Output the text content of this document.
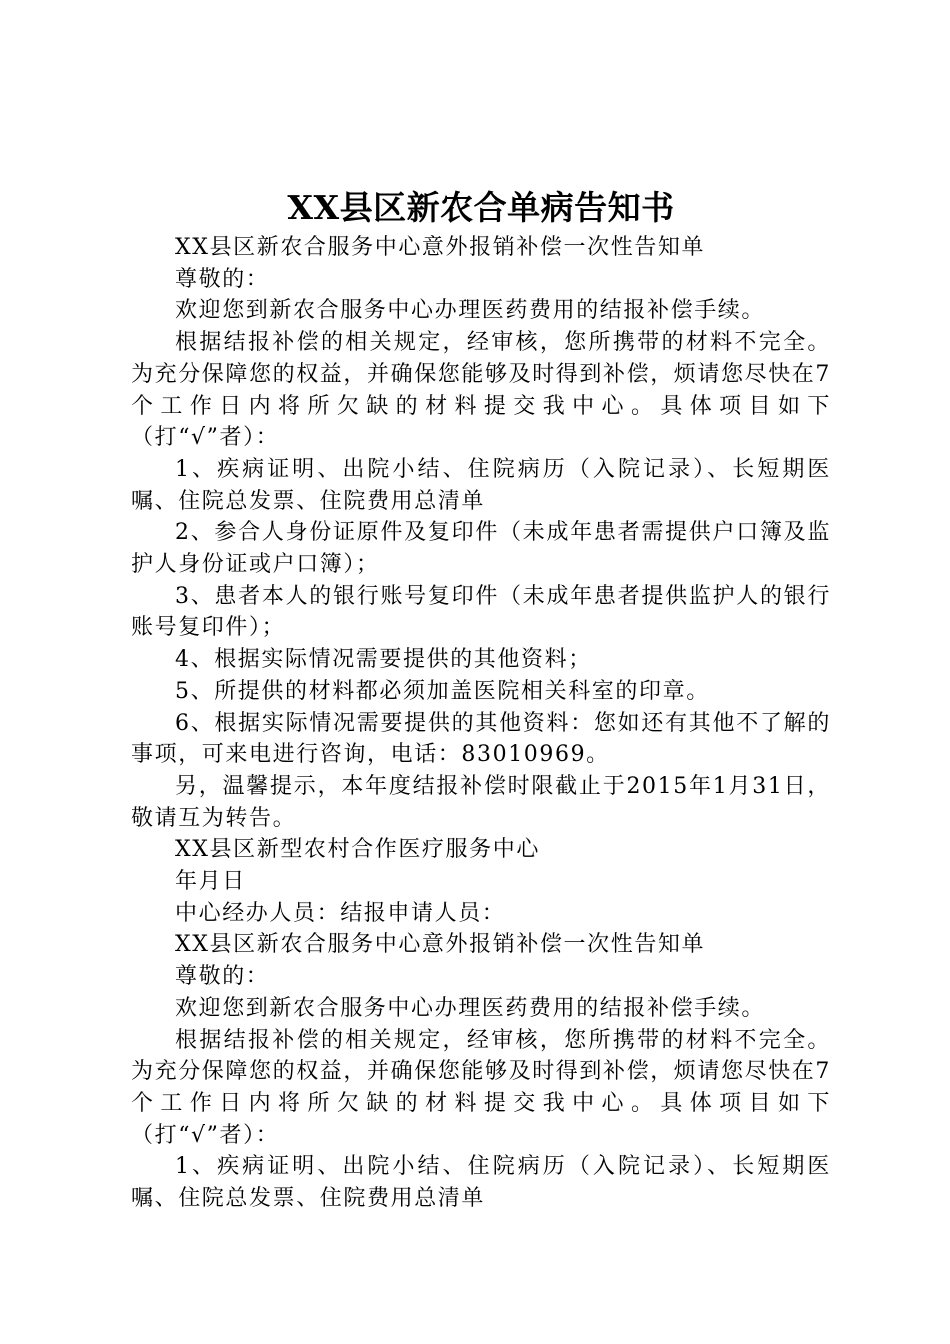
XX县区新农合单病告知书

XX县区新农合服务中心意外报销补偿一次性告知单

尊敬的：

欢迎您到新农合服务中心办理医药费用的结报补偿手续。

根据结报补偿的相关规定，经审核，您所携带的材料不完全。为充分保障您的权益，并确保您能够及时得到补偿，烦请您尽快在7个工作日内将所欠缺的材料提交我中心。具体项目如下（打“√”者）：

1、疾病证明、出院小结、住院病历（入院记录）、长短期医嘱、住院总发票、住院费用总清单

2、参合人身份证原件及复印件（未成年患者需提供户口簿及监护人身份证或户口簿）；

3、患者本人的银行账号复印件（未成年患者提供监护人的银行账号复印件）；

4、根据实际情况需要提供的其他资料；

5、所提供的材料都必须加盖医院相关科室的印章。

6、根据实际情况需要提供的其他资料：您如还有其他不了解的事项，可来电进行咨询，电话：83010969。

另，温馨提示，本年度结报补偿时限截止于2015年1月31日，敬请互为转告。

XX县区新型农村合作医疗服务中心

年月日

中心经办人员：结报申请人员：

XX县区新农合服务中心意外报销补偿一次性告知单

尊敬的：

欢迎您到新农合服务中心办理医药费用的结报补偿手续。

根据结报补偿的相关规定，经审核，您所携带的材料不完全。为充分保障您的权益，并确保您能够及时得到补偿，烦请您尽快在7个工作日内将所欠缺的材料提交我中心。具体项目如下（打“√”者）：

1、疾病证明、出院小结、住院病历（入院记录）、长短期医嘱、住院总发票、住院费用总清单
